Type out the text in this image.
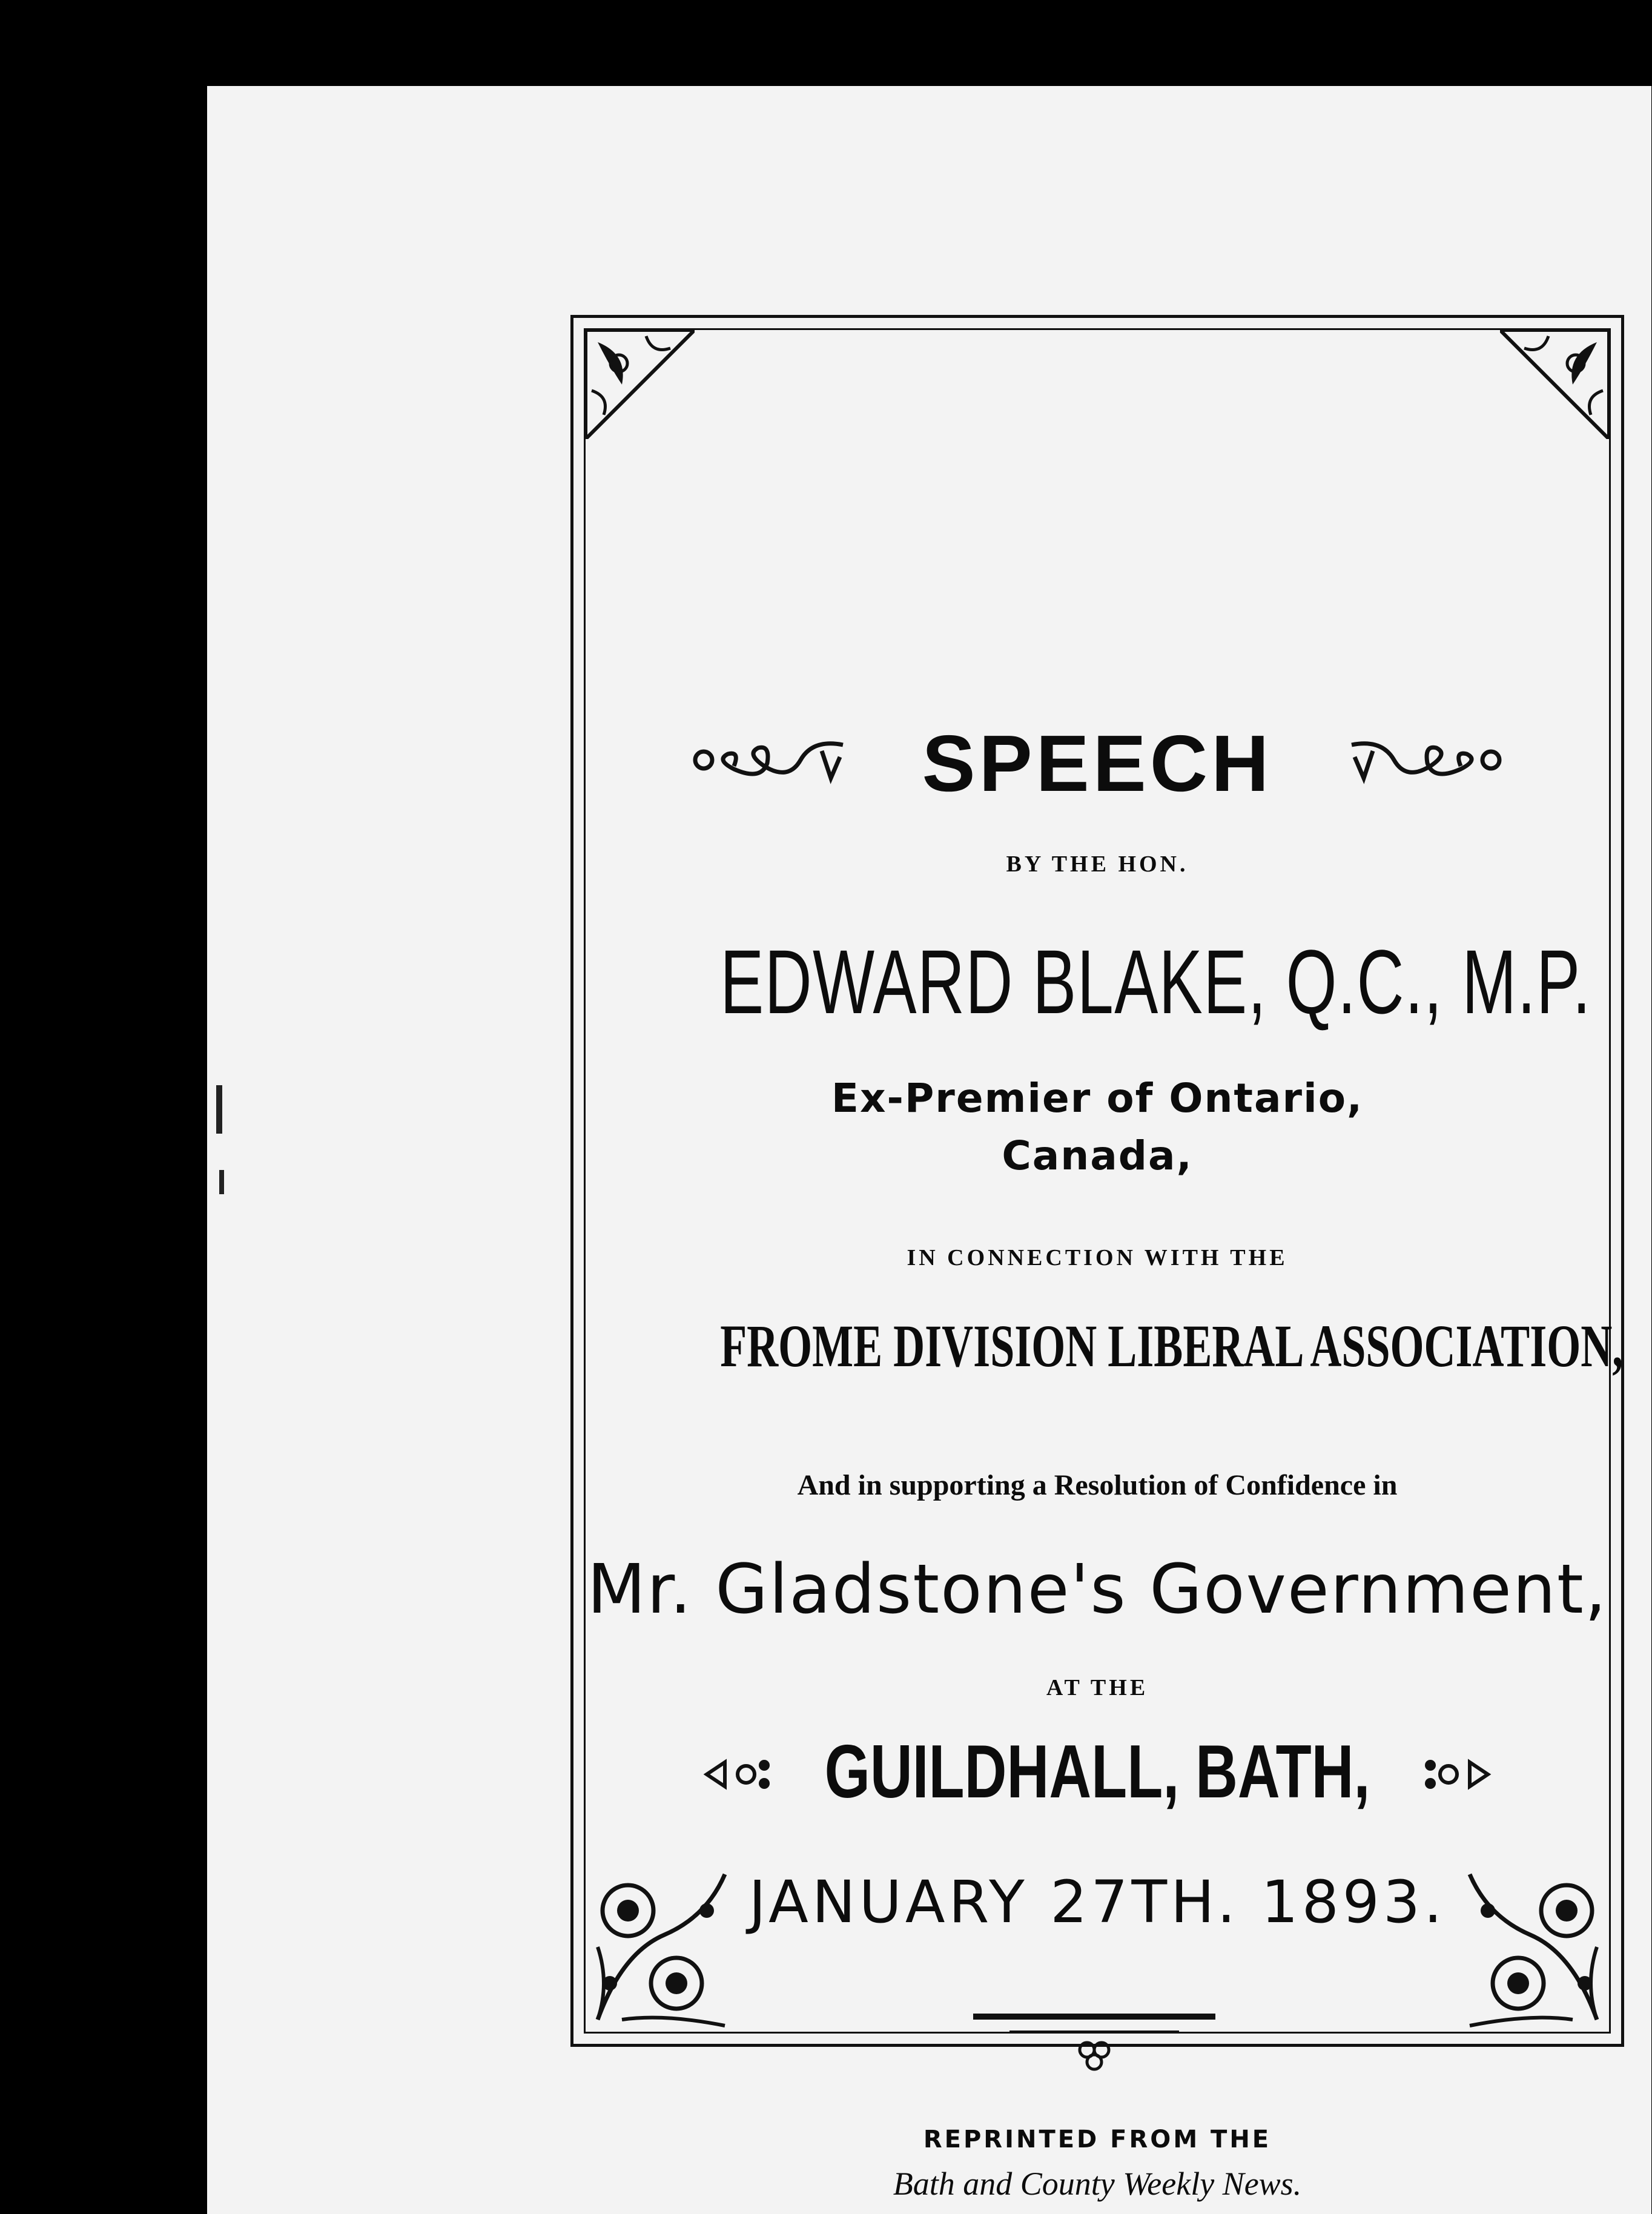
SPEECH
BY THE HON.
EDWARD BLAKE, Q.C., M.P.
Ex-Premier of Ontario,
Canada,
IN CONNECTION WITH THE
FROME DIVISION LIBERAL ASSOCIATION,
And in supporting a Resolution of Confidence in
Mr. Gladstone's Government,
AT THE
GUILDHALL, BATH,
JANUARY 27TH. 1893.
REPRINTED FROM THE
Bath and County Weekly News.
